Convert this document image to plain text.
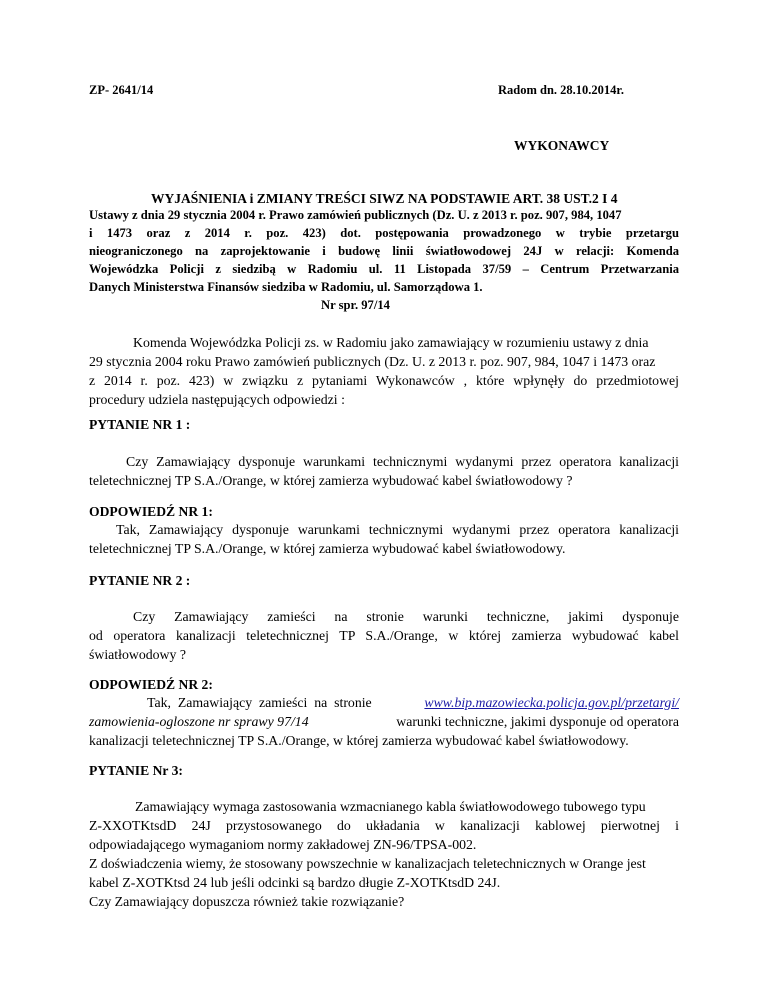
ZP- 2641/14	Radom dn. 28.10.2014r.
WYKONAWCY
WYJAŚNIENIA i ZMIANY TREŚCI SIWZ NA PODSTAWIE ART. 38 UST.2 I 4
Ustawy z dnia 29 stycznia 2004 r. Prawo zamówień publicznych (Dz. U. z 2013 r. poz. 907, 984, 1047
i 1473 oraz z 2014 r. poz. 423) dot. postępowania prowadzonego w trybie przetargu
nieograniczonego na zaprojektowanie i budowę linii światłowodowej 24J w relacji: Komenda
Wojewódzka Policji z siedzibą w Radomiu ul. 11 Listopada 37/59 – Centrum Przetwarzania
Danych Ministerstwa Finansów siedziba w Radomiu, ul. Samorządowa 1.
Nr spr. 97/14
Komenda Wojewódzka Policji zs. w Radomiu jako zamawiający w rozumieniu ustawy z dnia
29 stycznia 2004 roku Prawo zamówień publicznych (Dz. U. z 2013 r. poz. 907, 984, 1047 i 1473 oraz
z 2014 r. poz. 423) w związku z pytaniami Wykonawców , które wpłynęły do przedmiotowej
procedury udziela następujących odpowiedzi :
PYTANIE NR 1 :
Czy Zamawiający dysponuje warunkami technicznymi wydanymi przez operatora kanalizacji
teletechnicznej TP S.A./Orange, w której zamierza wybudować kabel światłowodowy ?
ODPOWIEDŹ NR 1:
Tak, Zamawiający dysponuje warunkami technicznymi wydanymi przez operatora kanalizacji
teletechnicznej TP S.A./Orange, w której zamierza wybudować kabel światłowodowy.
PYTANIE NR 2 :
Czy Zamawiający zamieści na stronie warunki techniczne, jakimi dysponuje
od operatora kanalizacji teletechnicznej TP S.A./Orange, w której zamierza wybudować kabel
światłowodowy ?
ODPOWIEDŹ NR 2:
Tak,  Zamawiający  zamieści  na  stronie	www.bip.mazowiecka.policja.gov.pl/przetargi/
zamowienia-ogloszone nr sprawy 97/14	warunki techniczne, jakimi dysponuje od operatora
kanalizacji teletechnicznej TP S.A./Orange, w której zamierza wybudować kabel światłowodowy.
PYTANIE Nr 3:
Zamawiający wymaga zastosowania wzmacnianego kabla światłowodowego tubowego typu
Z-XXOTKtsdD 24J przystosowanego do układania w kanalizacji kablowej pierwotnej i
odpowiadającego wymaganiom normy zakładowej ZN-96/TPSA-002.
Z doświadczenia wiemy, że stosowany powszechnie w kanalizacjach teletechnicznych w Orange jest
kabel Z-XOTKtsd 24 lub jeśli odcinki są bardzo długie Z-XOTKtsdD 24J.
Czy Zamawiający dopuszcza również takie rozwiązanie?
